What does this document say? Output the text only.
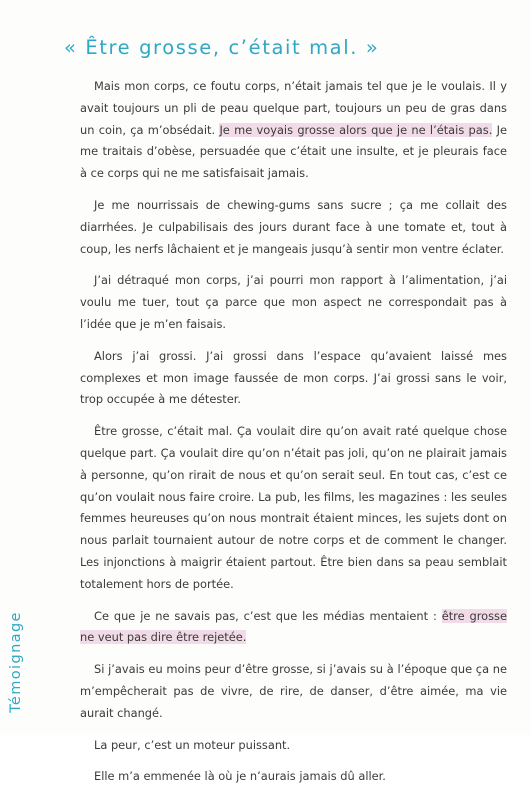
« Être grosse, c’était mal. »

Mais mon corps, ce foutu corps, n’était jamais tel que je le voulais. Il y avait toujours un pli de peau quelque part, toujours un peu de gras dans un coin, ça m’obsédait. Je me voyais grosse alors que je ne l’étais pas. Je me traitais d’obèse, persuadée que c’était une insulte, et je pleurais face à ce corps qui ne me satisfaisait jamais.

Je me nourrissais de chewing-gums sans sucre ; ça me collait des diarrhées. Je culpabilisais des jours durant face à une tomate et, tout à coup, les nerfs lâchaient et je mangeais jusqu’à sentir mon ventre éclater.

J’ai détraqué mon corps, j’ai pourri mon rapport à l’alimentation, j’ai voulu me tuer, tout ça parce que mon aspect ne correspondait pas à l’idée que je m’en faisais.

Alors j’ai grossi. J’ai grossi dans l’espace qu’avaient laissé mes complexes et mon image faussée de mon corps. J’ai grossi sans le voir, trop occupée à me détester.

Être grosse, c’était mal. Ça voulait dire qu’on avait raté quelque chose quelque part. Ça voulait dire qu’on n’était pas joli, qu’on ne plairait jamais à personne, qu’on rirait de nous et qu’on serait seul. En tout cas, c’est ce qu’on voulait nous faire croire. La pub, les films, les magazines : les seules femmes heureuses qu’on nous montrait étaient minces, les sujets dont on nous parlait tournaient autour de notre corps et de comment le changer. Les injonctions à maigrir étaient partout. Être bien dans sa peau semblait totalement hors de portée.

Ce que je ne savais pas, c’est que les médias mentaient : être grosse ne veut pas dire être rejetée.

Si j’avais eu moins peur d’être grosse, si j’avais su à l’époque que ça ne m’empêcherait pas de vivre, de rire, de danser, d’être aimée, ma vie aurait changé.

La peur, c’est un moteur puissant.

Elle m’a emmenée là où je n’aurais jamais dû aller.

Témoignage
